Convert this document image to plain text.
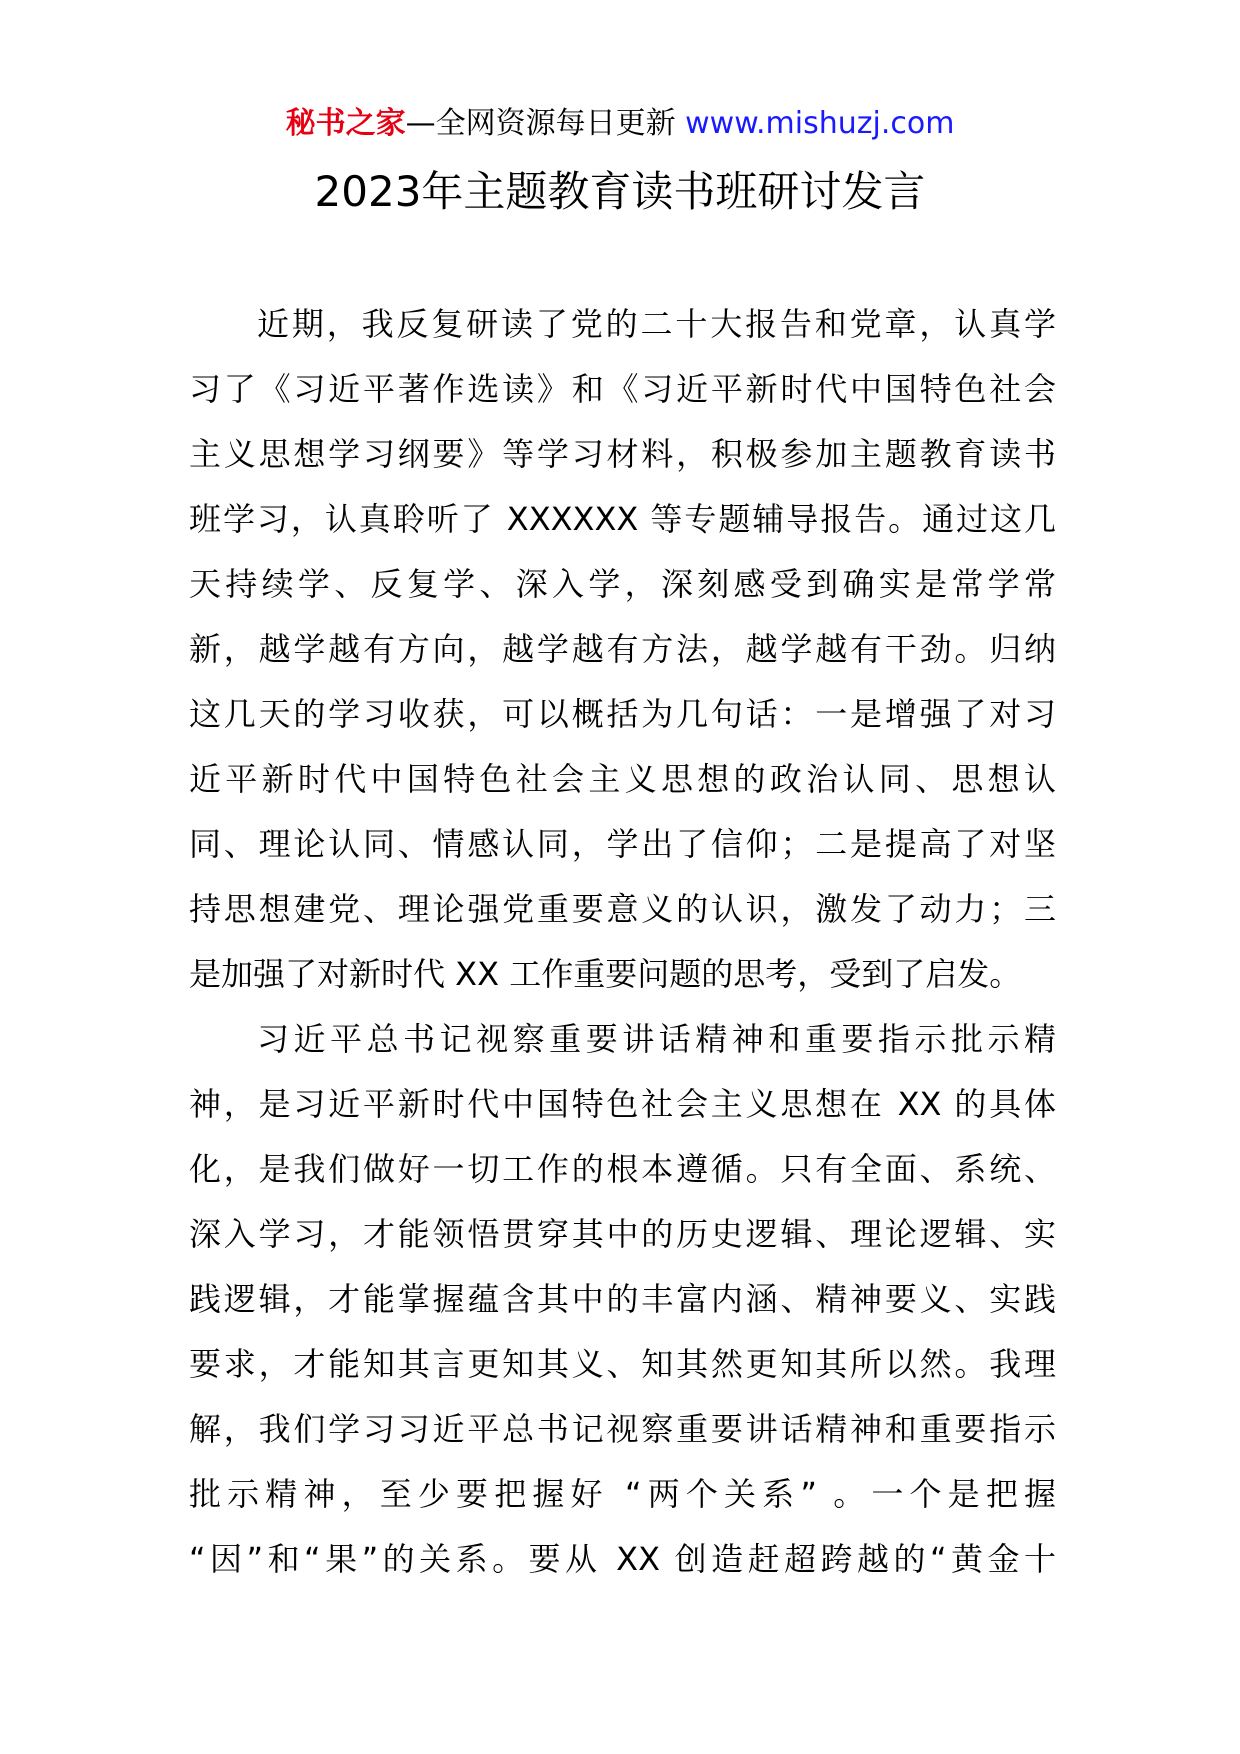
秘书之家—全网资源每日更新 www.mishuzj.com
2023年主题教育读书班研讨发言
近期，我反复研读了党的二十大报告和党章，认真学
习了《习近平著作选读》和《习近平新时代中国特色社会
主义思想学习纲要》等学习材料，积极参加主题教育读书
班学习，认真聆听了 XXXXXX 等专题辅导报告。通过这几
天持续学、反复学、深入学，深刻感受到确实是常学常
新，越学越有方向，越学越有方法，越学越有干劲。归纳
这几天的学习收获，可以概括为几句话：一是增强了对习
近平新时代中国特色社会主义思想的政治认同、思想认
同、理论认同、情感认同，学出了信仰；二是提高了对坚
持思想建党、理论强党重要意义的认识，激发了动力；三
是加强了对新时代 XX 工作重要问题的思考，受到了启发。
习近平总书记视察重要讲话精神和重要指示批示精
神，是习近平新时代中国特色社会主义思想在 XX 的具体
化，是我们做好一切工作的根本遵循。只有全面、系统、
深入学习，才能领悟贯穿其中的历史逻辑、理论逻辑、实
践逻辑，才能掌握蕴含其中的丰富内涵、精神要义、实践
要求，才能知其言更知其义、知其然更知其所以然。我理
解，我们学习习近平总书记视察重要讲话精神和重要指示
批示精神，至少要把握好 “两个关系” 。一个是把握
“因”和“果”的关系。要从 XX 创造赶超跨越的“黄金十
